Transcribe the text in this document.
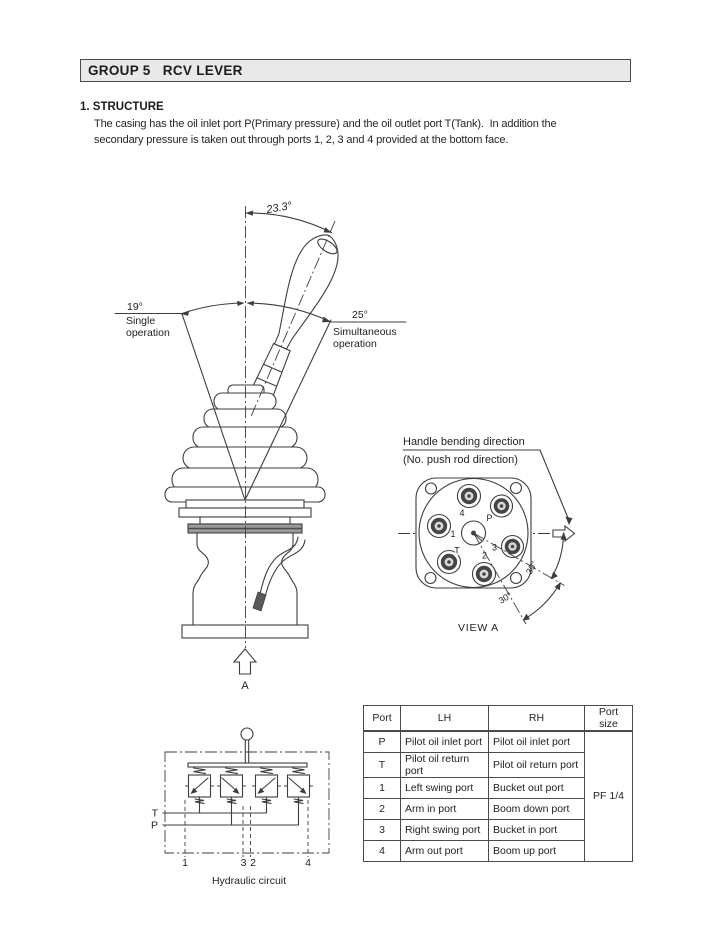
GROUP 5   RCV LEVER
1. STRUCTURE
The casing has the oil inlet port P(Primary pressure) and the oil outlet port T(Tank).  In addition the
secondary pressure is taken out through ports 1, 2, 3 and 4 provided at the bottom face.
23.3°
19°
Single
operation
25°
Simultaneous
operation
A
Handle bending direction
(No. push rod direction)
4 P
1
T 2
3
30°
30°
VIEW A
Port	LH	RH	Port size
P	Pilot oil inlet port	Pilot oil inlet port	PF 1/4
T	Pilot oil return port	Pilot oil return port	
1	Left swing port	Bucket out port	
2	Arm in port	Boom down port	
3	Right swing port	Bucket in port	
4	Arm out port	Boom up port	
T
P
1	3 2	4
Hydraulic circuit
